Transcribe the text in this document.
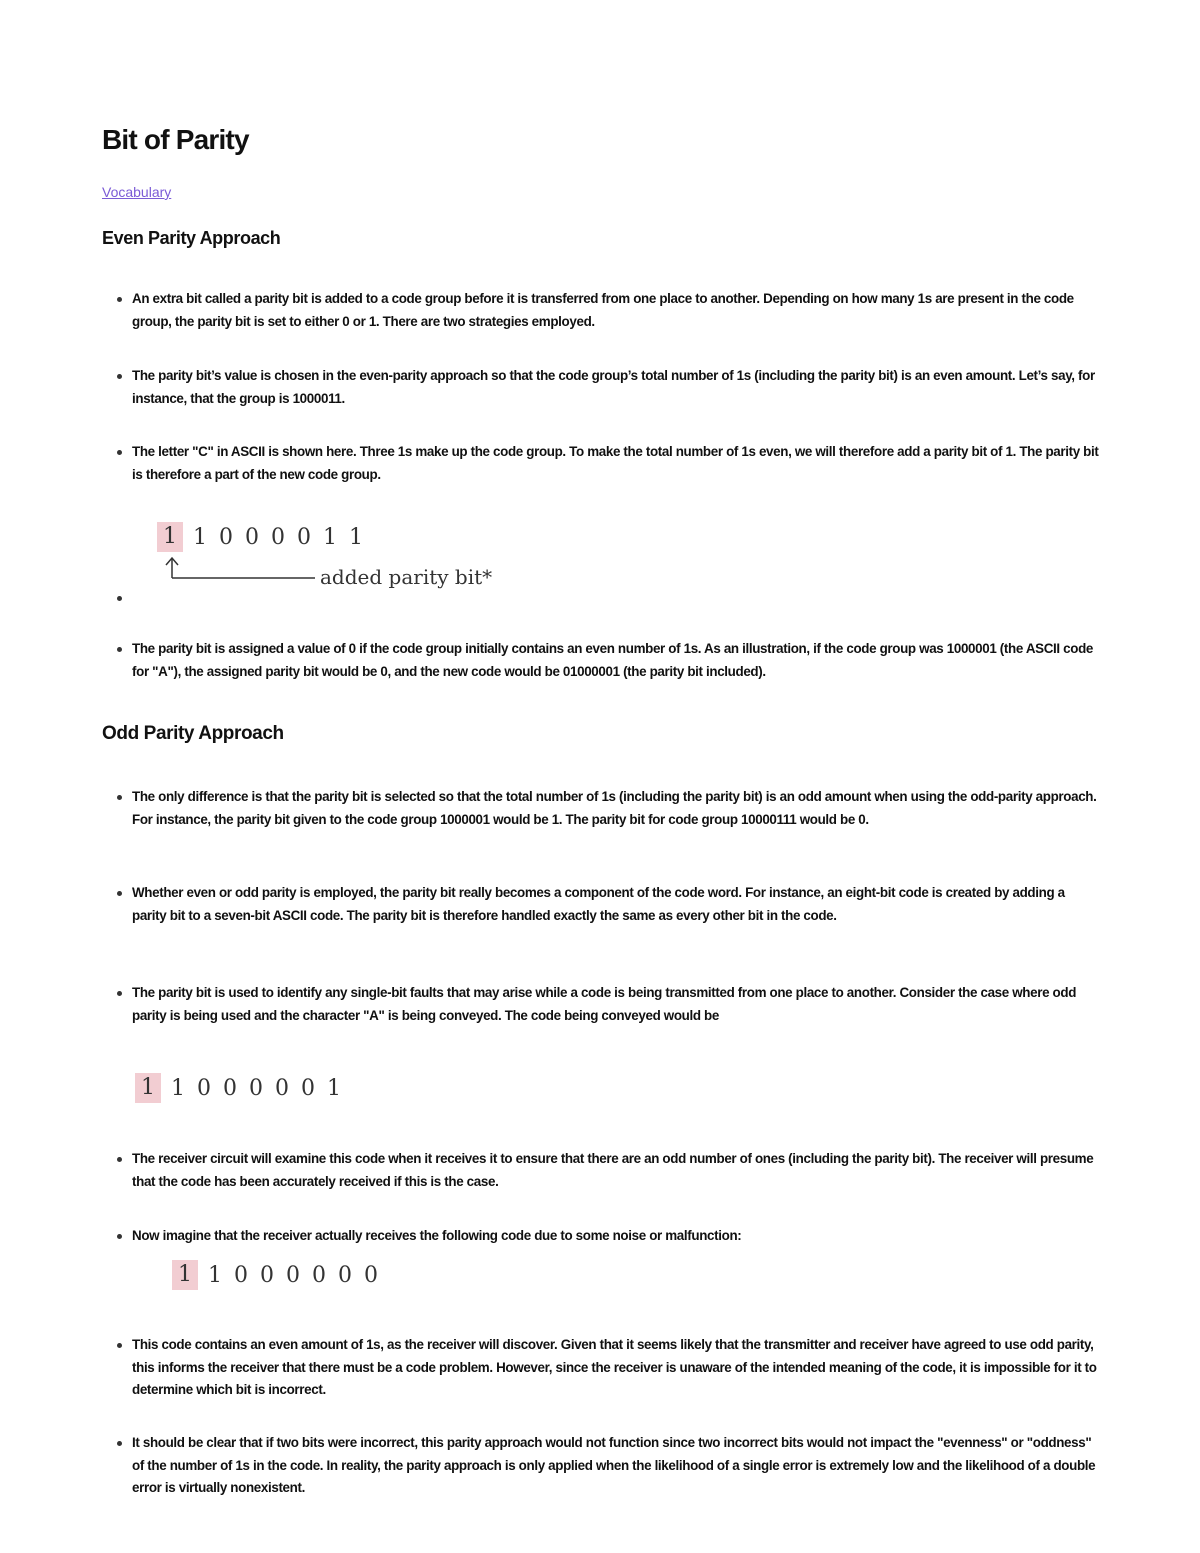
Bit of Parity
Vocabulary
Even Parity Approach
An extra bit called a parity bit is added to a code group before it is transferred from one place to another. Depending on how many 1s are present in the code group, the parity bit is set to either 0 or 1. There are two strategies employed.
The parity bit’s value is chosen in the even-parity approach so that the code group’s total number of 1s (including the parity bit) is an even amount. Let’s say, for instance, that the group is 1000011.
The letter "C" in ASCII is shown here. Three 1s make up the code group. To make the total number of 1s even, we will therefore add a parity bit of 1. The parity bit is therefore a part of the new code group.
1 1 0 0 0 0 1 1
added parity bit*
The parity bit is assigned a value of 0 if the code group initially contains an even number of 1s. As an illustration, if the code group was 1000001 (the ASCII code for "A"), the assigned parity bit would be 0, and the new code would be 01000001 (the parity bit included).
Odd Parity Approach
The only difference is that the parity bit is selected so that the total number of 1s (including the parity bit) is an odd amount when using the odd-parity approach. For instance, the parity bit given to the code group 1000001 would be 1. The parity bit for code group 10000111 would be 0.
Whether even or odd parity is employed, the parity bit really becomes a component of the code word. For instance, an eight-bit code is created by adding a parity bit to a seven-bit ASCII code. The parity bit is therefore handled exactly the same as every other bit in the code.
The parity bit is used to identify any single-bit faults that may arise while a code is being transmitted from one place to another. Consider the case where odd parity is being used and the character "A" is being conveyed. The code being conveyed would be
1 1 0 0 0 0 0 1
The receiver circuit will examine this code when it receives it to ensure that there are an odd number of ones (including the parity bit). The receiver will presume that the code has been accurately received if this is the case.
Now imagine that the receiver actually receives the following code due to some noise or malfunction:
1 1 0 0 0 0 0 0
This code contains an even amount of 1s, as the receiver will discover. Given that it seems likely that the transmitter and receiver have agreed to use odd parity, this informs the receiver that there must be a code problem. However, since the receiver is unaware of the intended meaning of the code, it is impossible for it to determine which bit is incorrect.
It should be clear that if two bits were incorrect, this parity approach would not function since two incorrect bits would not impact the "evenness" or "oddness" of the number of 1s in the code. In reality, the parity approach is only applied when the likelihood of a single error is extremely low and the likelihood of a double error is virtually nonexistent.
